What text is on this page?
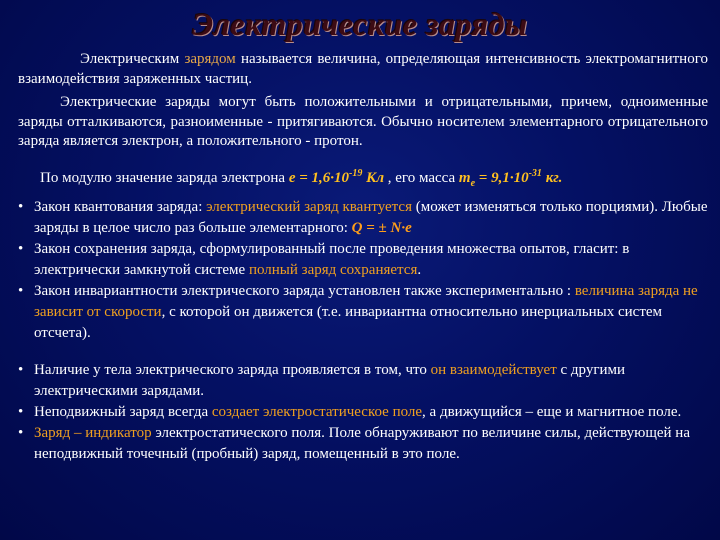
Электрические заряды
Электрическим зарядом называется величина, определяющая интенсивность электромагнитного взаимодействия заряженных частиц.
Электрические заряды могут быть положительными и отрицательными, причем, одноименные заряды отталкиваются, разноименные - притягиваются. Обычно носителем элементарного отрицательного заряда является электрон, а положительного - протон.
По модулю значение заряда электрона $e = 1,6\cdot 10^{-19}$ Кл , его масса $m_e = 9,1\cdot 10^{-31}$ кг.
• Закон квантования заряда: электрический заряд квантуется (может изменяться только порциями). Любые заряды в целое число раз больше элементарного: Q = ± N·e
• Закон сохранения заряда, сформулированный после проведения множества опытов, гласит: в электрически замкнутой системе полный заряд сохраняется.
• Закон инвариантности электрического заряда установлен также экспериментально : величина заряда не зависит от скорости, с которой он движется (т.е. инвариантна относительно инерциальных систем отсчета).
• Наличие у тела электрического заряда проявляется в том, что он взаимодействует с другими электрическими зарядами.
• Неподвижный заряд всегда создает электростатическое поле, а движущийся – еще и магнитное поле.
• Заряд – индикатор электростатического поля. Поле обнаруживают по величине силы, действующей на неподвижный точечный (пробный) заряд, помещенный в это поле.
